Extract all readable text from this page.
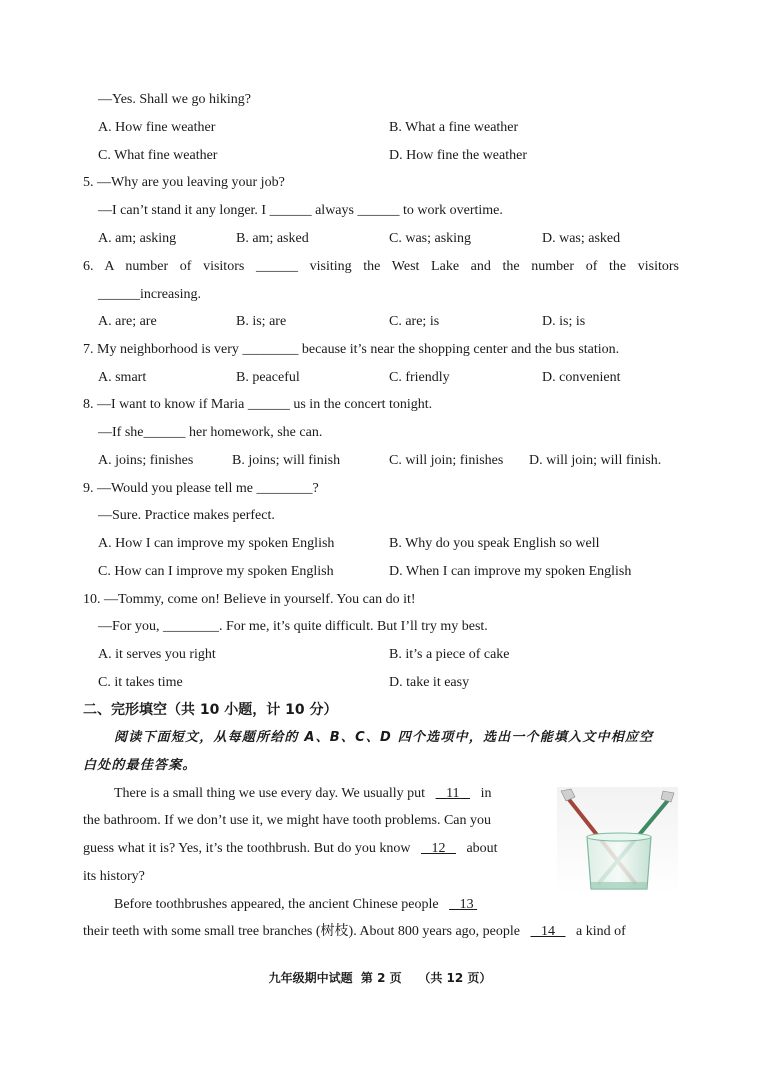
—Yes. Shall we go hiking?
A. How fine weather	B. What a fine weather
C. What fine weather	D. How fine the weather
5. —Why are you leaving your job?
—I can’t stand it any longer. I ______ always ______ to work overtime.
A. am; asking	B. am; asked	C. was; asking	D. was; asked
6. A number of visitors ______ visiting the West Lake and the number of the visitors
______increasing.
A. are; are	B. is; are	C. are; is	D. is; is
7. My neighborhood is very ________ because it’s near the shopping center and the bus station.
A. smart	B. peaceful	C. friendly	D. convenient
8. —I want to know if Maria ______ us in the concert tonight.
—If she______ her homework, she can.
A. joins; finishes	B. joins; will finish	C. will join; finishes D. will join; will finish.
9. —Would you please tell me ________?
—Sure. Practice makes perfect.
A. How I can improve my spoken English	B. Why do you speak English so well
C. How can I improve my spoken English	D. When I can improve my spoken English
10. —Tommy, come on! Believe in yourself. You can do it!
—For you, ________. For me, it’s quite difficult. But I’ll try my best.
A. it serves you right	B. it’s a piece of cake
C. it takes time	D. take it easy
二、完形填空（共 10 小题，计 10 分）
阅读下面短文，从每题所给的 A、B、C、D 四个选项中，选出一个能填入文中相应空
白处的最佳答案。
There is a small thing we use every day. We usually put 11 in
the bathroom. If we don’t use it, we might have tooth problems. Can you
guess what it is? Yes, it’s the toothbrush. But do you know 12 about
its history?
Before toothbrushes appeared, the ancient Chinese people 13
their teeth with some small tree branches (树枝). About 800 years ago, people 14 a kind of
九年级期中试题  第 2 页    （共 12 页）
